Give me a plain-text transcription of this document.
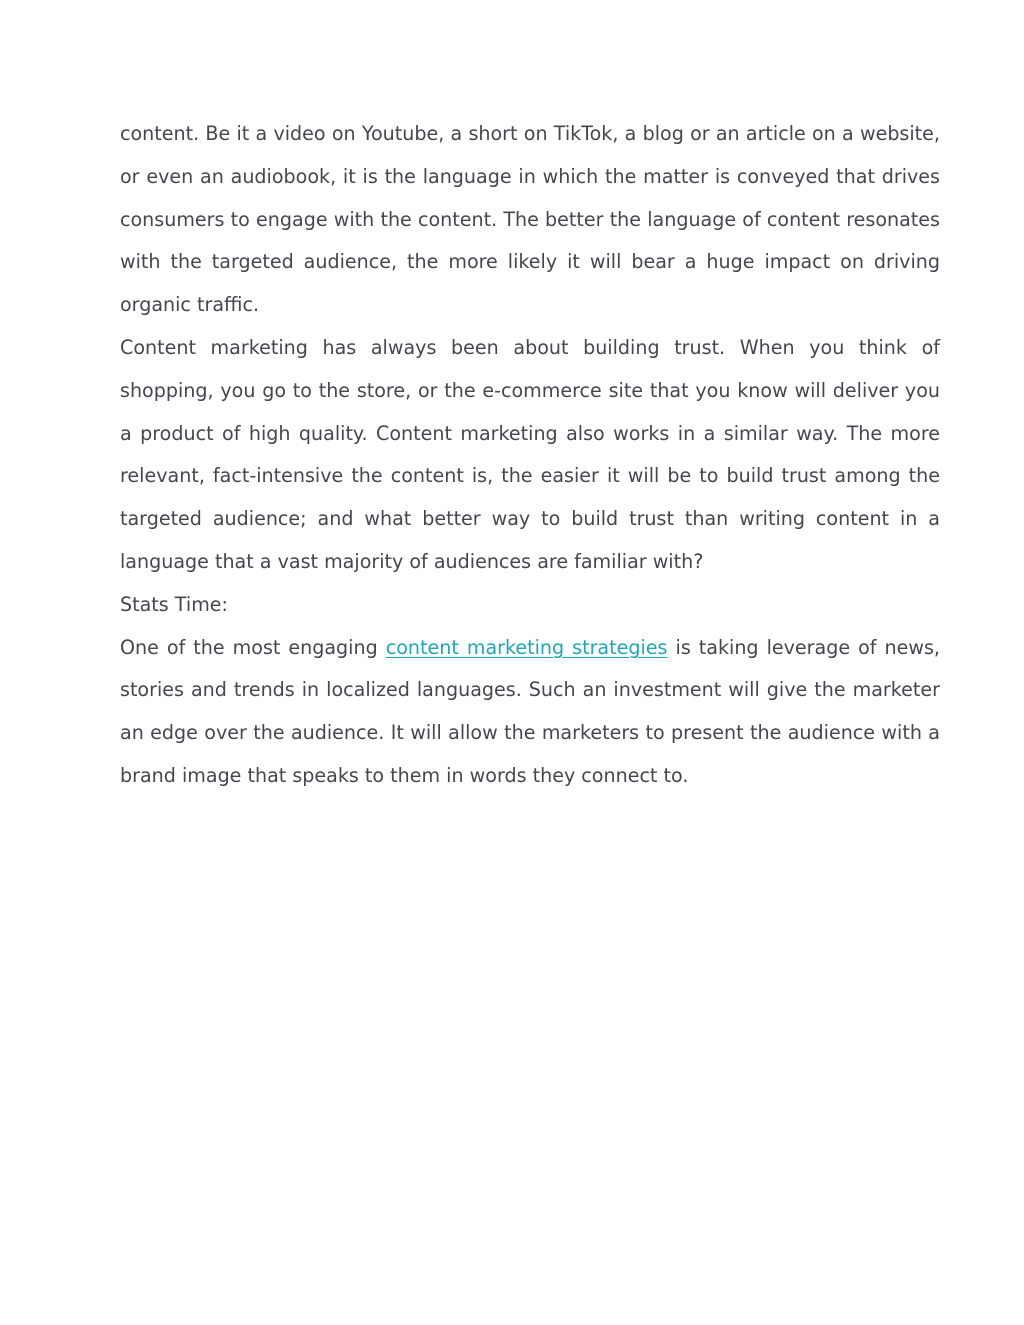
content. Be it a video on Youtube, a short on TikTok, a blog or an article on a website, or even an audiobook, it is the language in which the matter is conveyed that drives consumers to engage with the content. The better the language of content resonates with the targeted audience, the more likely it will bear a huge impact on driving organic traffic.

Content marketing has always been about building trust. When you think of shopping, you go to the store, or the e-commerce site that you know will deliver you a product of high quality. Content marketing also works in a similar way. The more relevant, fact-intensive the content is, the easier it will be to build trust among the targeted audience; and what better way to build trust than writing content in a language that a vast majority of audiences are familiar with?

Stats Time:

One of the most engaging content marketing strategies is taking leverage of news, stories and trends in localized languages. Such an investment will give the marketer an edge over the audience. It will allow the marketers to present the audience with a brand image that speaks to them in words they connect to.
